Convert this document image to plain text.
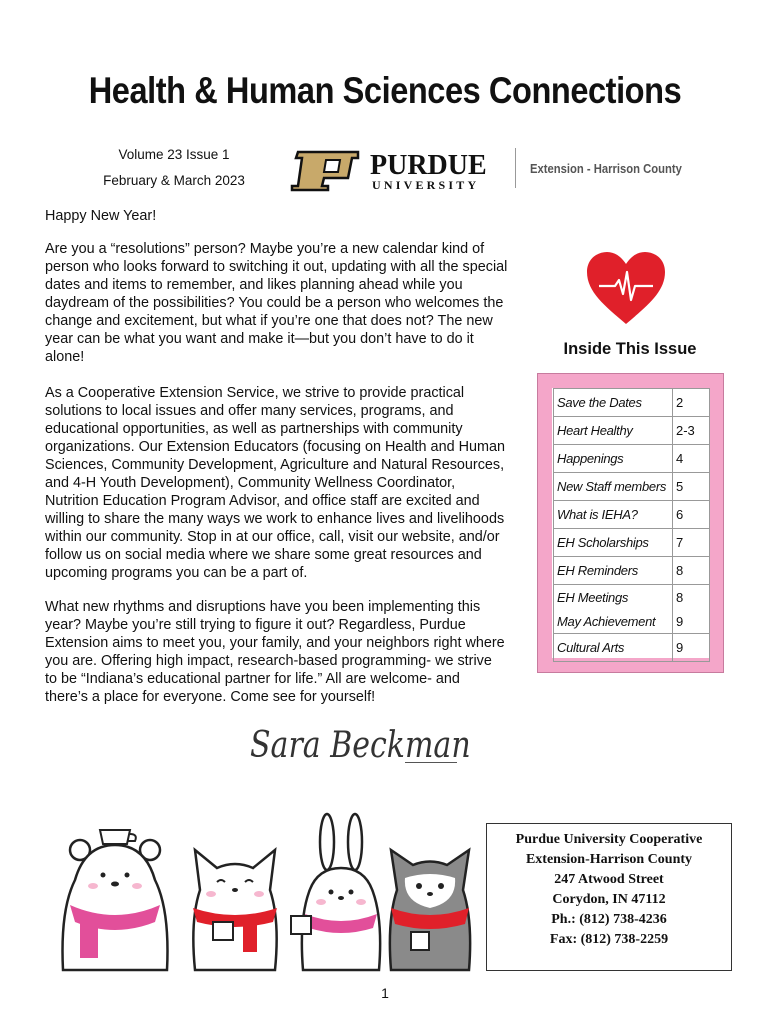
Health & Human Sciences Connections
Volume 23 Issue 1
February & March 2023	PURDUE
UNIVERSITY
Extension - Harrison County
Happy New Year!

Are you a “resolutions” person? Maybe you’re a new calendar kind of

person who looks forward to switching it out, updating with all the special

dates and items to remember, and likes planning ahead while you

daydream of the possibilities? You could be a person who welcomes the

change and excitement, but what if you’re one that does not? The new

year can be what you want and make it—but you don’t have to do it

alone!

As a Cooperative Extension Service, we strive to provide practical

solutions to local issues and offer many services, programs, and

educational opportunities, as well as partnerships with community

organizations. Our Extension Educators (focusing on Health and Human

Sciences, Community Development, Agriculture and Natural Resources,

and 4-H Youth Development), Community Wellness Coordinator,

Nutrition Education Program Advisor, and office staff are excited and

willing to share the many ways we work to enhance lives and livelihoods

within our community. Stop in at our office, call, visit our website, and/or

follow us on social media where we share some great resources and

upcoming programs you can be a part of.

What new rhythms and disruptions have you been implementing this

year? Maybe you’re still trying to figure it out? Regardless, Purdue

Extension aims to meet you, your family, and your neighbors right where

you are. Offering high impact, research-based programming- we strive

to be “Indiana’s educational partner for life.” All are welcome- and

there’s a place for everyone. Come see for yourself!

Inside This Issue
Save the Dates	2
Heart Healthy	2-3
Happenings	4
New Staff members	5
What is IEHA?	6
EH Scholarships	7
EH Reminders	8
EH Meetings	8
May Achievement	9
Cultural Arts	9
Sara Beckman
Purdue University Cooperative
Extension-Harrison County
247 Atwood Street
Corydon, IN 47112
Ph.: (812) 738-4236
Fax: (812) 738-2259
1
